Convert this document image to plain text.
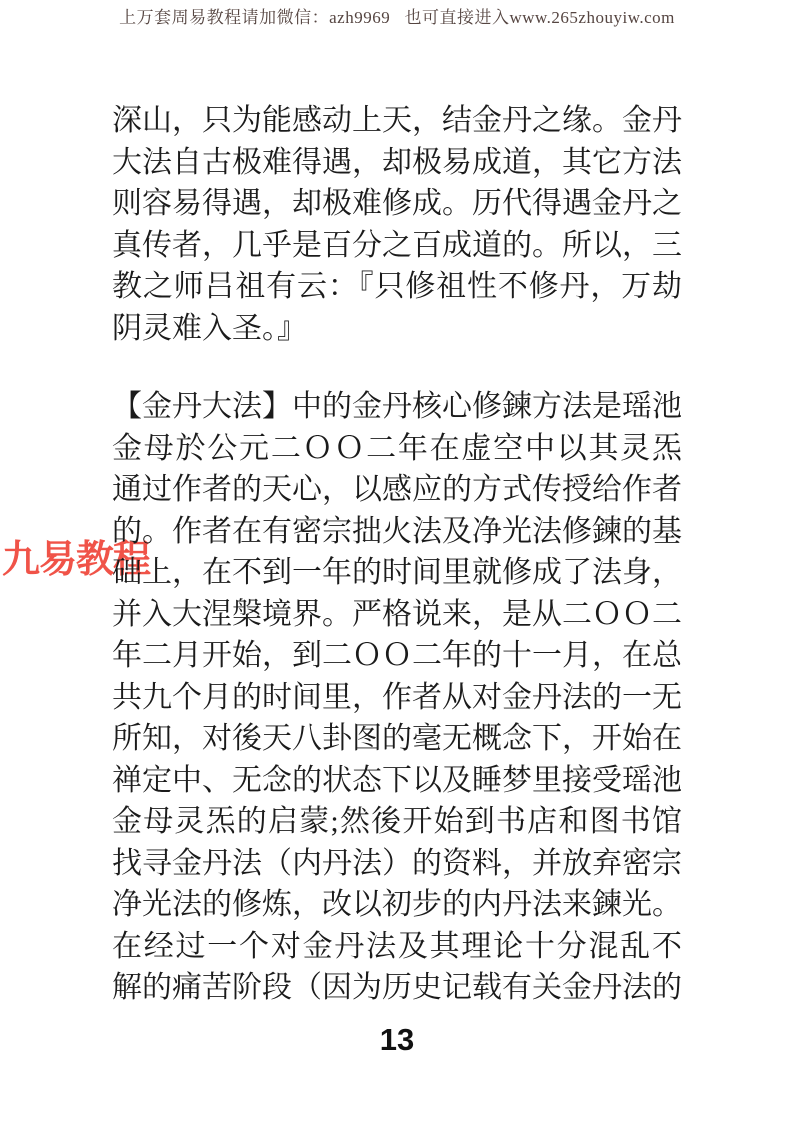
上万套周易教程请加微信：azh9969   也可直接进入www.265zhouyiw.com
九易教程
深山，只为能感动上天，结金丹之缘。金丹
大法自古极难得遇，却极易成道，其它方法
则容易得遇，却极难修成。历代得遇金丹之
真传者，几乎是百分之百成道的。所以，三
教之师吕祖有云：『只修祖性不修丹，万劫
阴灵难入圣。』
【金丹大法】中的金丹核心修鍊方法是瑶池
金母於公元二ＯＯ二年在虚空中以其灵炁
通过作者的天心，以感应的方式传授给作者
的。作者在有密宗拙火法及净光法修鍊的基
础上，在不到一年的时间里就修成了法身，
并入大涅槃境界。严格说来，是从二ＯＯ二
年二月开始，到二ＯＯ二年的十一月，在总
共九个月的时间里，作者从对金丹法的一无
所知，对後天八卦图的毫无概念下，开始在
禅定中、无念的状态下以及睡梦里接受瑶池
金母灵炁的启蒙;然後开始到书店和图书馆
找寻金丹法（内丹法）的资料，并放弃密宗
净光法的修炼，改以初步的内丹法来鍊光。
在经过一个对金丹法及其理论十分混乱不
解的痛苦阶段（因为历史记载有关金丹法的
13
